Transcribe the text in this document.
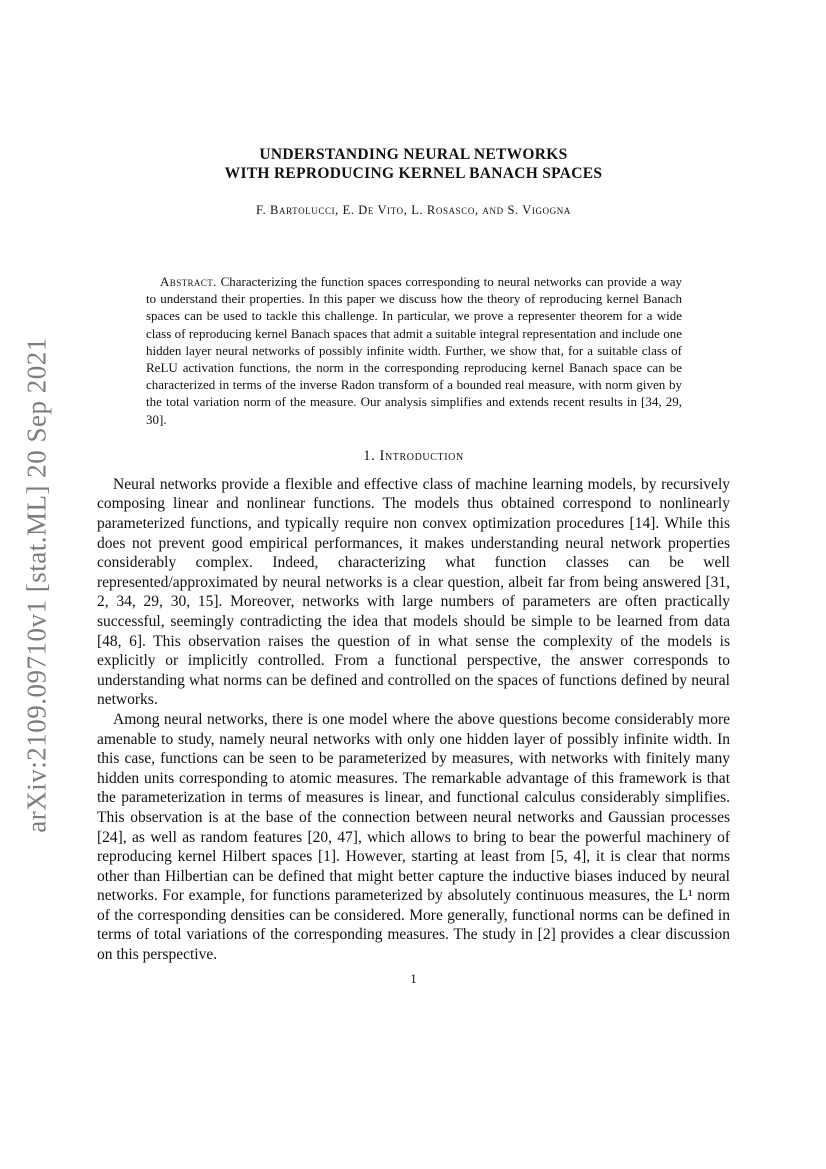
arXiv:2109.09710v1 [stat.ML] 20 Sep 2021
UNDERSTANDING NEURAL NETWORKS
WITH REPRODUCING KERNEL BANACH SPACES
F. Bartolucci, E. De Vito, L. Rosasco, and S. Vigogna
Abstract. Characterizing the function spaces corresponding to neural networks can provide a way to understand their properties. In this paper we discuss how the theory of reproducing kernel Banach spaces can be used to tackle this challenge. In particular, we prove a representer theorem for a wide class of reproducing kernel Banach spaces that admit a suitable integral representation and include one hidden layer neural networks of possibly infinite width. Further, we show that, for a suitable class of ReLU activation functions, the norm in the corresponding reproducing kernel Banach space can be characterized in terms of the inverse Radon transform of a bounded real measure, with norm given by the total variation norm of the measure. Our analysis simplifies and extends recent results in [34, 29, 30].
1. Introduction

Neural networks provide a flexible and effective class of machine learning models, by recursively composing linear and nonlinear functions. The models thus obtained correspond to nonlinearly parameterized functions, and typically require non convex optimization procedures [14]. While this does not prevent good empirical performances, it makes understanding neural network properties considerably complex. Indeed, characterizing what function classes can be well represented/approximated by neural networks is a clear question, albeit far from being answered [31, 2, 34, 29, 30, 15]. Moreover, networks with large numbers of parameters are often practically successful, seemingly contradicting the idea that models should be simple to be learned from data [48, 6]. This observation raises the question of in what sense the complexity of the models is explicitly or implicitly controlled. From a functional perspective, the answer corresponds to understanding what norms can be defined and controlled on the spaces of functions defined by neural networks.

Among neural networks, there is one model where the above questions become considerably more amenable to study, namely neural networks with only one hidden layer of possibly infinite width. In this case, functions can be seen to be parameterized by measures, with networks with finitely many hidden units corresponding to atomic measures. The remarkable advantage of this framework is that the parameterization in terms of measures is linear, and functional calculus considerably simplifies. This observation is at the base of the connection between neural networks and Gaussian processes [24], as well as random features [20, 47], which allows to bring to bear the powerful machinery of reproducing kernel Hilbert spaces [1]. However, starting at least from [5, 4], it is clear that norms other than Hilbertian can be defined that might better capture the inductive biases induced by neural networks. For example, for functions parameterized by absolutely continuous measures, the L¹ norm of the corresponding densities can be considered. More generally, functional norms can be defined in terms of total variations of the corresponding measures. The study in [2] provides a clear discussion on this perspective.

1
